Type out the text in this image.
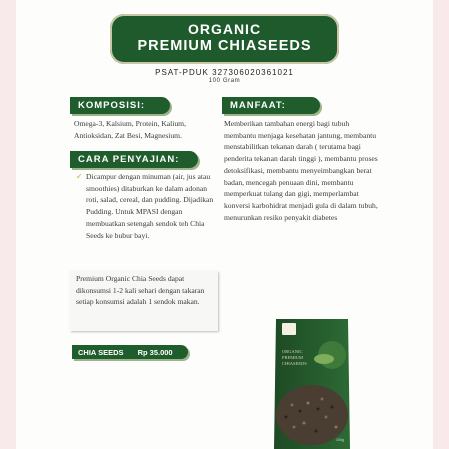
ORGANIC
PREMIUM CHIASEEDS
PSAT-PDUK 327306020361021
100 Gram
KOMPOSISI:
Omega-3, Kalsium, Protein, Kalium, Antioksidan, Zat Besi, Magnesium.
CARA PENYAJIAN:
✓ Dicampur dengan minuman (air, jus atau smoothies) ditaburkan ke dalam adonan roti, salad, cereal, dan pudding. Dijadikan Pudding. Untuk MPASI dengan membuatkan setengah sendok teh Chia Seeds ke bubur bayi.
MANFAAT:
Memberikan tambahan energi bagi tubuh membantu menjaga kesehatan jantung, membantu menstabilitkan tekanan darah ( terutama bagi penderita tekanan darah tinggi ), membantu proses detoksifikasi, membantu menyeimbangkan berat badan, mencegah penuaan dini, membantu memperkuat tulang dan gigi, memperlambat konversi karbohidrat menjadi gula di dalam tubuh, menurunkan resiko penyakit diabetes
Premium Organic Chia Seeds dapat dikonsumsi 1-2 kali sehari dengan takaran setiap konsumsi adalah 1 sendok makan.
CHIA SEEDS Rp 35.000	ORGANIC
PREMIUM
CHIASEEDS
100g
